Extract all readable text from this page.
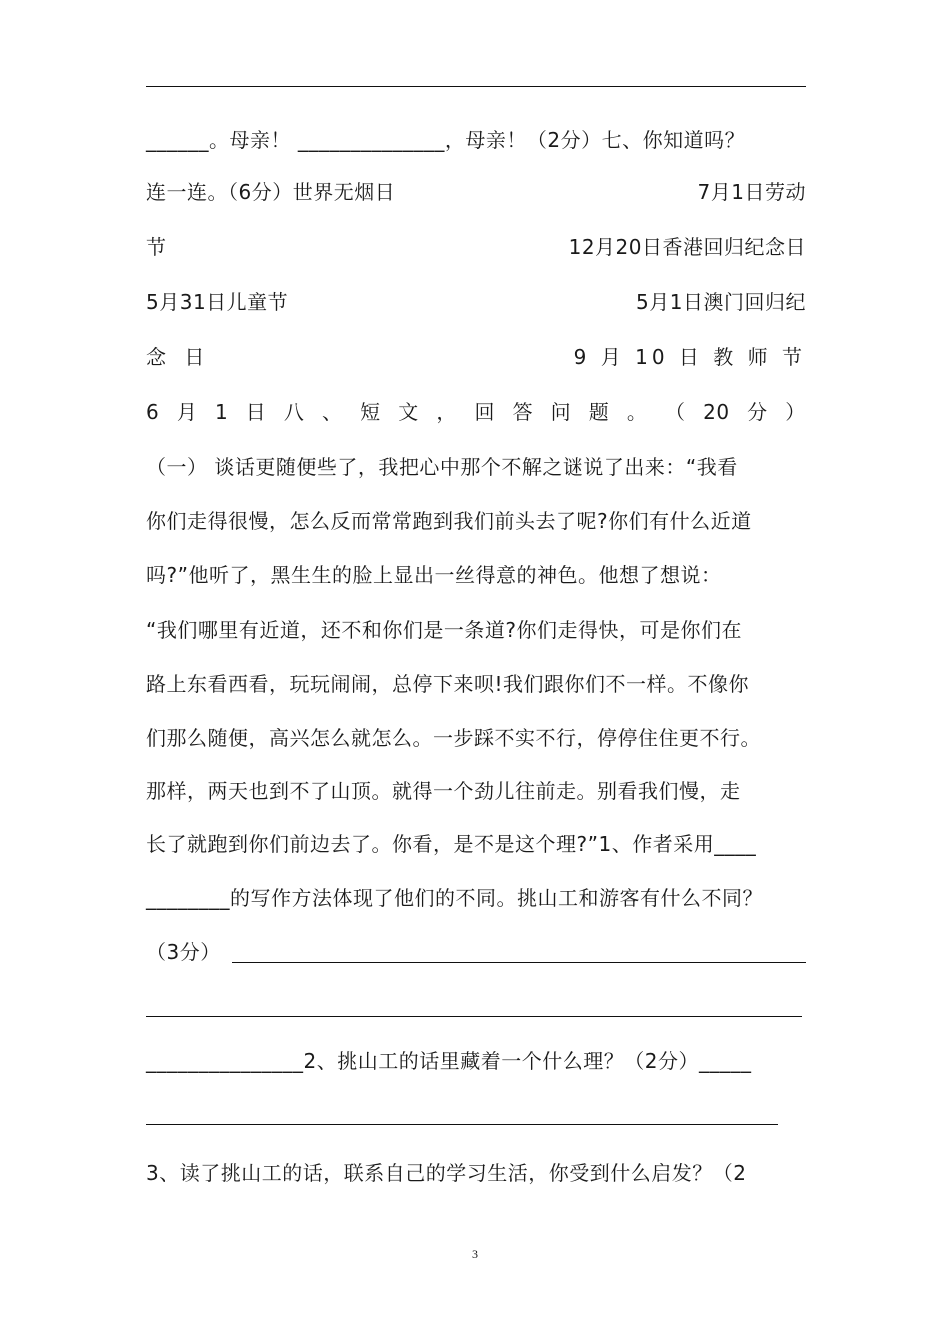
______。母亲！ ______________，母亲！（2分）七、你知道吗？
连一连。（6分）世界无烟日	7月1日劳动
节	12月20日香港回归纪念日
5月31日儿童节	5月1日澳门回归纪
念 日	9 月 10 日 教 师 节
6 月 1 日 八 、 短 文 ， 回 答 问 题 。 （ 20 分 ）
（一） 谈话更随便些了，我把心中那个不解之谜说了出来：“我看
你们走得很慢，怎么反而常常跑到我们前头去了呢?你们有什么近道
吗?”他听了，黑生生的脸上显出一丝得意的神色。他想了想说：
“我们哪里有近道，还不和你们是一条道?你们走得快，可是你们在
路上东看西看，玩玩闹闹，总停下来呗!我们跟你们不一样。不像你
们那么随便，高兴怎么就怎么。一步踩不实不行，停停住住更不行。
那样，两天也到不了山顶。就得一个劲儿往前走。别看我们慢，走
长了就跑到你们前边去了。你看，是不是这个理?”1、作者采用____
________的写作方法体现了他们的不同。挑山工和游客有什么不同？
（3分）
_______________2、挑山工的话里藏着一个什么理？（2分）_____
3、读了挑山工的话，联系自己的学习生活，你受到什么启发？（2
3
